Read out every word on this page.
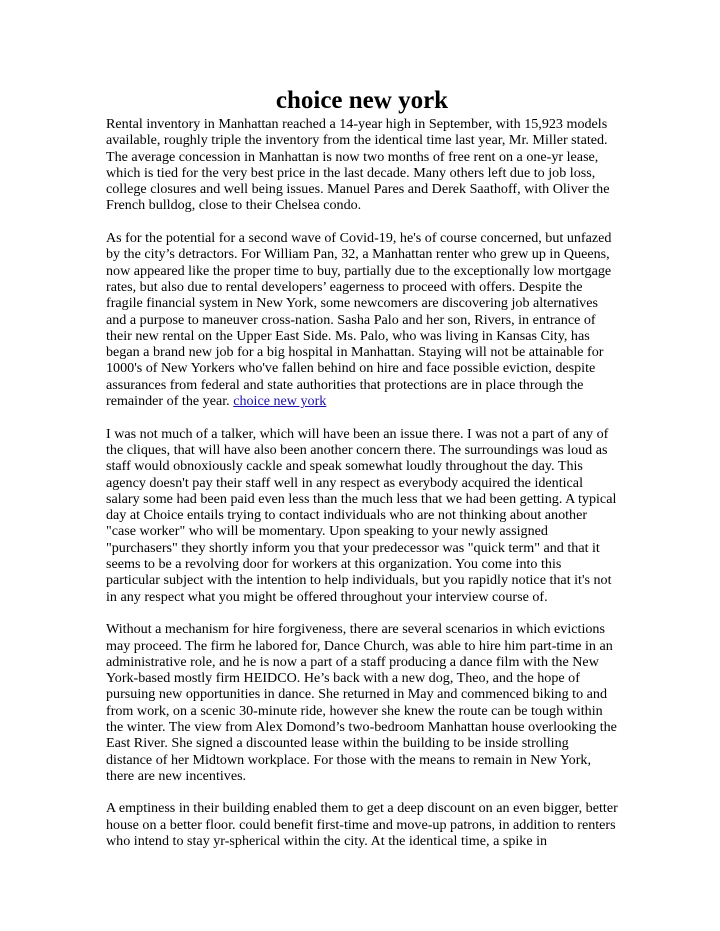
choice new york

Rental inventory in Manhattan reached a 14-year high in September, with 15,923 models available, roughly triple the inventory from the identical time last year, Mr. Miller stated. The average concession in Manhattan is now two months of free rent on a one-yr lease, which is tied for the very best price in the last decade. Many others left due to job loss, college closures and well being issues. Manuel Pares and Derek Saathoff, with Oliver the French bulldog, close to their Chelsea condo.

As for the potential for a second wave of Covid-19, he's of course concerned, but unfazed by the city’s detractors. For William Pan, 32, a Manhattan renter who grew up in Queens, now appeared like the proper time to buy, partially due to the exceptionally low mortgage rates, but also due to rental developers’ eagerness to proceed with offers. Despite the fragile financial system in New York, some newcomers are discovering job alternatives and a purpose to maneuver cross-nation. Sasha Palo and her son, Rivers, in entrance of their new rental on the Upper East Side. Ms. Palo, who was living in Kansas City, has began a brand new job for a big hospital in Manhattan. Staying will not be attainable for 1000's of New Yorkers who've fallen behind on hire and face possible eviction, despite assurances from federal and state authorities that protections are in place through the remainder of the year. choice new york

I was not much of a talker, which will have been an issue there. I was not a part of any of the cliques, that will have also been another concern there. The surroundings was loud as staff would obnoxiously cackle and speak somewhat loudly throughout the day. This agency doesn't pay their staff well in any respect as everybody acquired the identical salary some had been paid even less than the much less that we had been getting. A typical day at Choice entails trying to contact individuals who are not thinking about another "case worker" who will be momentary. Upon speaking to your newly assigned "purchasers" they shortly inform you that your predecessor was "quick term" and that it seems to be a revolving door for workers at this organization. You come into this particular subject with the intention to help individuals, but you rapidly notice that it's not in any respect what you might be offered throughout your interview course of.

Without a mechanism for hire forgiveness, there are several scenarios in which evictions may proceed. The firm he labored for, Dance Church, was able to hire him part-time in an administrative role, and he is now a part of a staff producing a dance film with the New York-based mostly firm HEIDCO. He’s back with a new dog, Theo, and the hope of pursuing new opportunities in dance. She returned in May and commenced biking to and from work, on a scenic 30-minute ride, however she knew the route can be tough within the winter. The view from Alex Domond’s two-bedroom Manhattan house overlooking the East River. She signed a discounted lease within the building to be inside strolling distance of her Midtown workplace. For those with the means to remain in New York, there are new incentives.

A emptiness in their building enabled them to get a deep discount on an even bigger, better house on a better floor. could benefit first-time and move-up patrons, in addition to renters who intend to stay yr-spherical within the city. At the identical time, a spike in
